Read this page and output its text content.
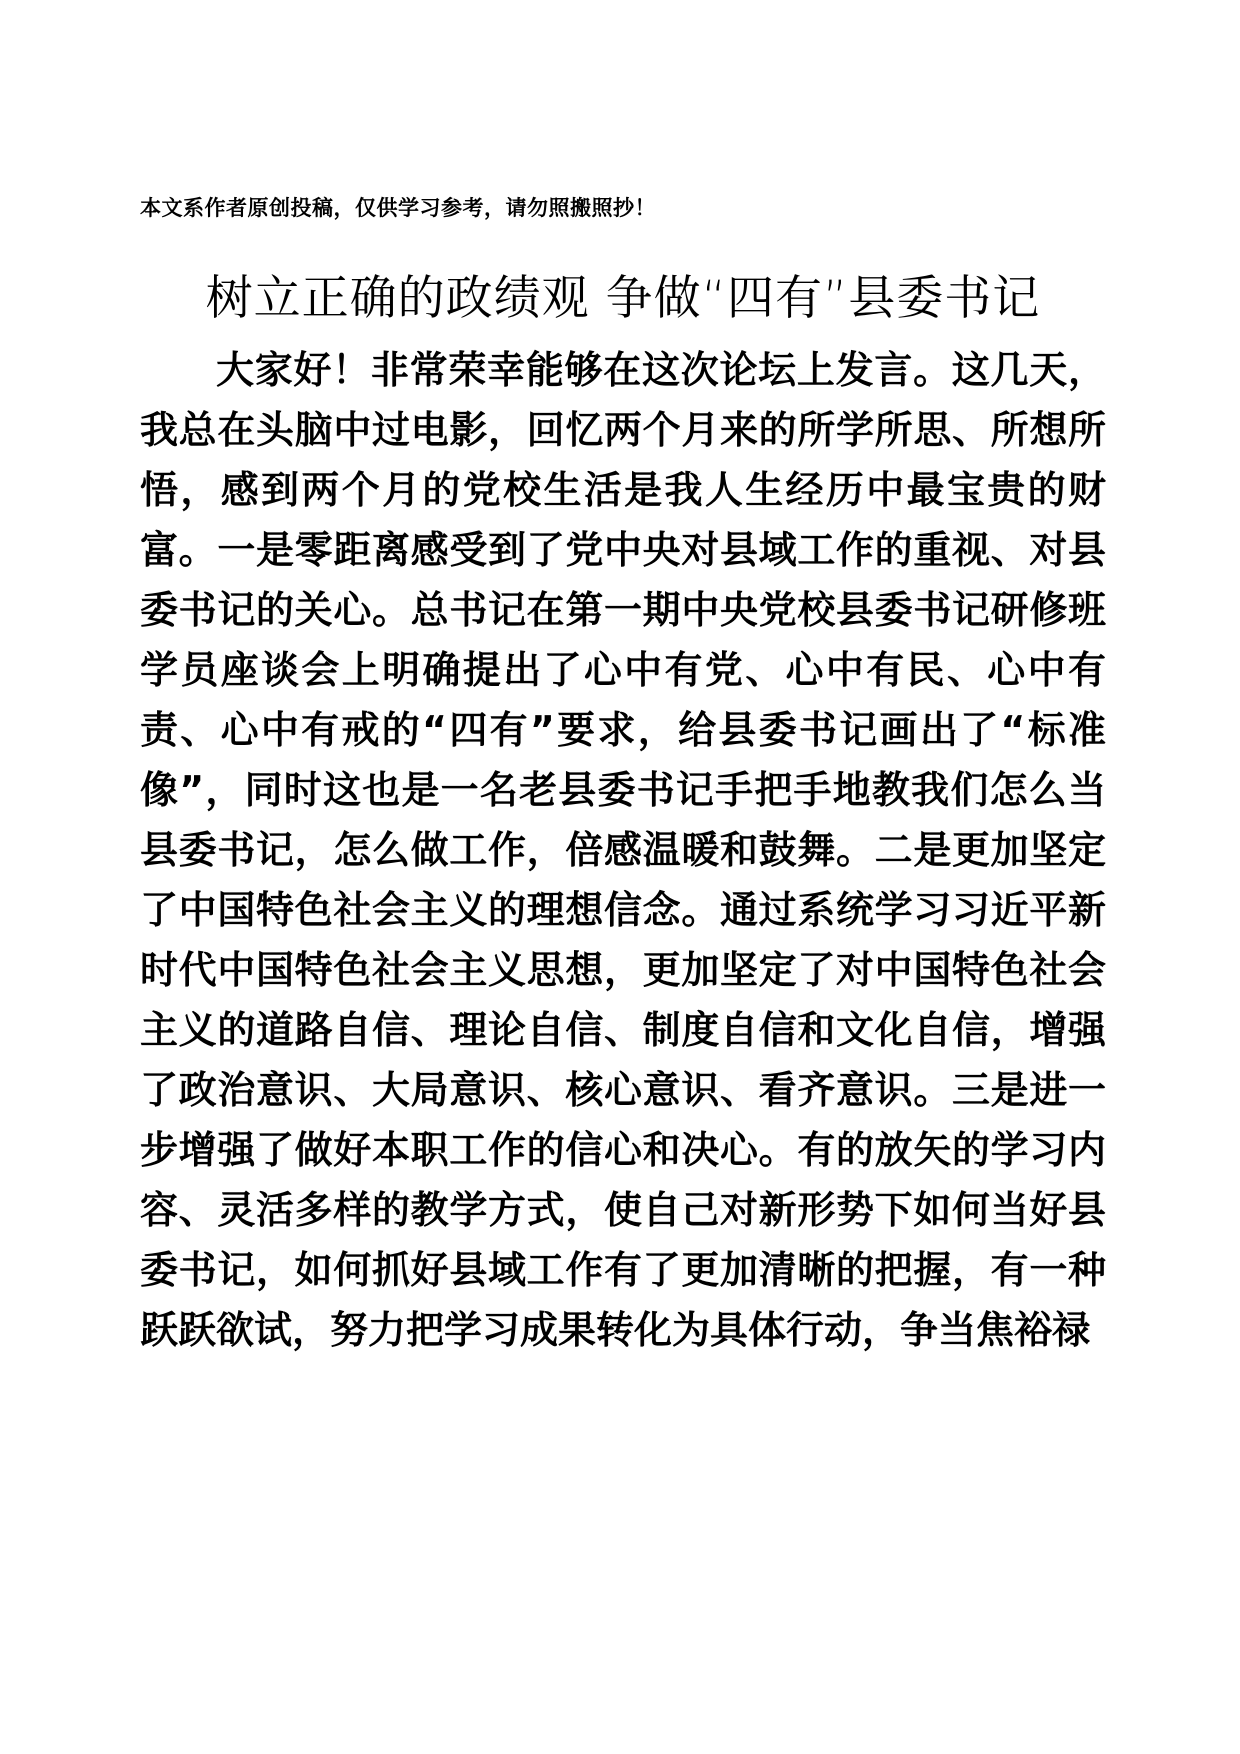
本文系作者原创投稿，仅供学习参考，请勿照搬照抄！
树立正确的政绩观 争做“四有”县委书记

大家好！非常荣幸能够在这次论坛上发言。这几天，我总在头脑中过电影，回忆两个月来的所学所思、所想所悟，感到两个月的党校生活是我人生经历中最宝贵的财富。一是零距离感受到了党中央对县域工作的重视、对县委书记的关心。总书记在第一期中央党校县委书记研修班学员座谈会上明确提出了心中有党、心中有民、心中有责、心中有戒的“四有”要求，给县委书记画出了“标准像”，同时这也是一名老县委书记手把手地教我们怎么当县委书记，怎么做工作，倍感温暖和鼓舞。二是更加坚定了中国特色社会主义的理想信念。通过系统学习习近平新时代中国特色社会主义思想，更加坚定了对中国特色社会主义的道路自信、理论自信、制度自信和文化自信，增强了政治意识、大局意识、核心意识、看齐意识。三是进一步增强了做好本职工作的信心和决心。有的放矢的学习内容、灵活多样的教学方式，使自己对新形势下如何当好县委书记，如何抓好县域工作有了更加清晰的把握，有一种跃跃欲试，努力把学习成果转化为具体行动，争当焦裕禄
